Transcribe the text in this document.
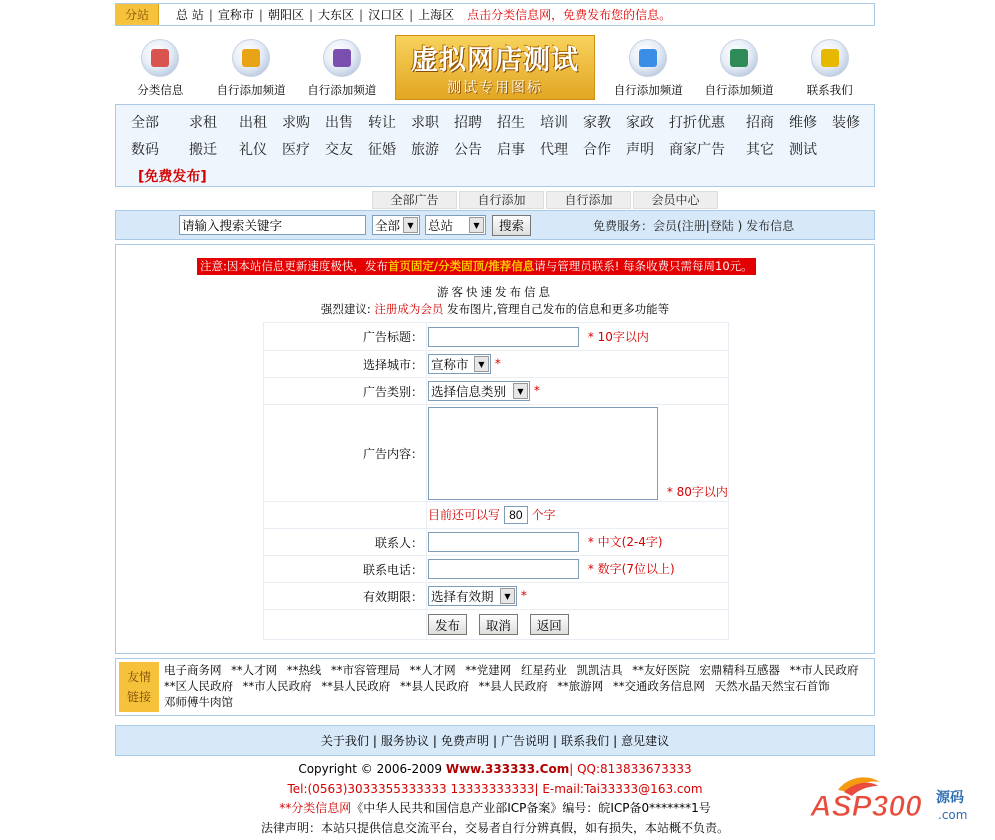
分站	总 站 | 宣称市 | 朝阳区 | 大东区 | 汉口区 | 上海区	点击分类信息网，免费发布您的信息。
分类信息	自行添加频道	自行添加频道
虚拟网店测试
测试专用图标	自行添加频道	自行添加频道	联系我们
全部	求租	出租	求购	出售	转让	求职	招聘	招生	培训	家教	家政	打折优惠	招商	维修	装修
数码	搬迁	礼仪	医疗	交友	征婚	旅游	公告	启事	代理	合作	声明	商家广告	其它	测试
[免费发布]
全部广告	自行添加	自行添加	会员中心
请输入搜索关键字
全部 ▼	总站	▼	搜索	免费服务：会员(注册|登陆 ) 发布信息
注意:因本站信息更新速度极快，发布首页固定/分类固顶/推荐信息请与管理员联系! 每条收费只需每周10元。
游客快速发布信息
强烈建议: 注册成为会员 发布图片,管理自己发布的信息和更多功能等
广告标题：	* 10字以内
选择城市：	宣称市 ▼ *
广告类别：	选择信息类别 ▼ *
广告内容：	* 80字以内
	目前还可以写 80 个字
联系人：	* 中文(2-4字)
联系电话：	* 数字(7位以上)
有效期限：	选择有效期 ▼ *
	发布 取消 返回
友情
链接
电子商务网 **人才网 **热线 **市容管理局 **人才网 **党建网 红星药业 凯凯洁具 **友好医院 宏鼎精科互感器 **市人民政府 **区人民政府 **市人民政府 **县人民政府 **县人民政府 **县人民政府 **旅游网 **交通政务信息网 天然水晶天然宝石首饰 邓师傅牛肉馆
关于我们 | 服务协议 | 免费声明 | 广告说明 | 联系我们 | 意见建议
Copyright © 2006-2009 Www.333333.Com| QQ:813833673333
Tel:(0563)3033355333333 13333333333| E-mail:Tai33333@163.com
**分类信息网《中华人民共和国信息产业部ICP备案》编号：皖ICP备0*******1号
法律声明：本站只提供信息交流平台，交易者自行分辨真假，如有损失，本站概不负责。
ASP300 源码
.com
